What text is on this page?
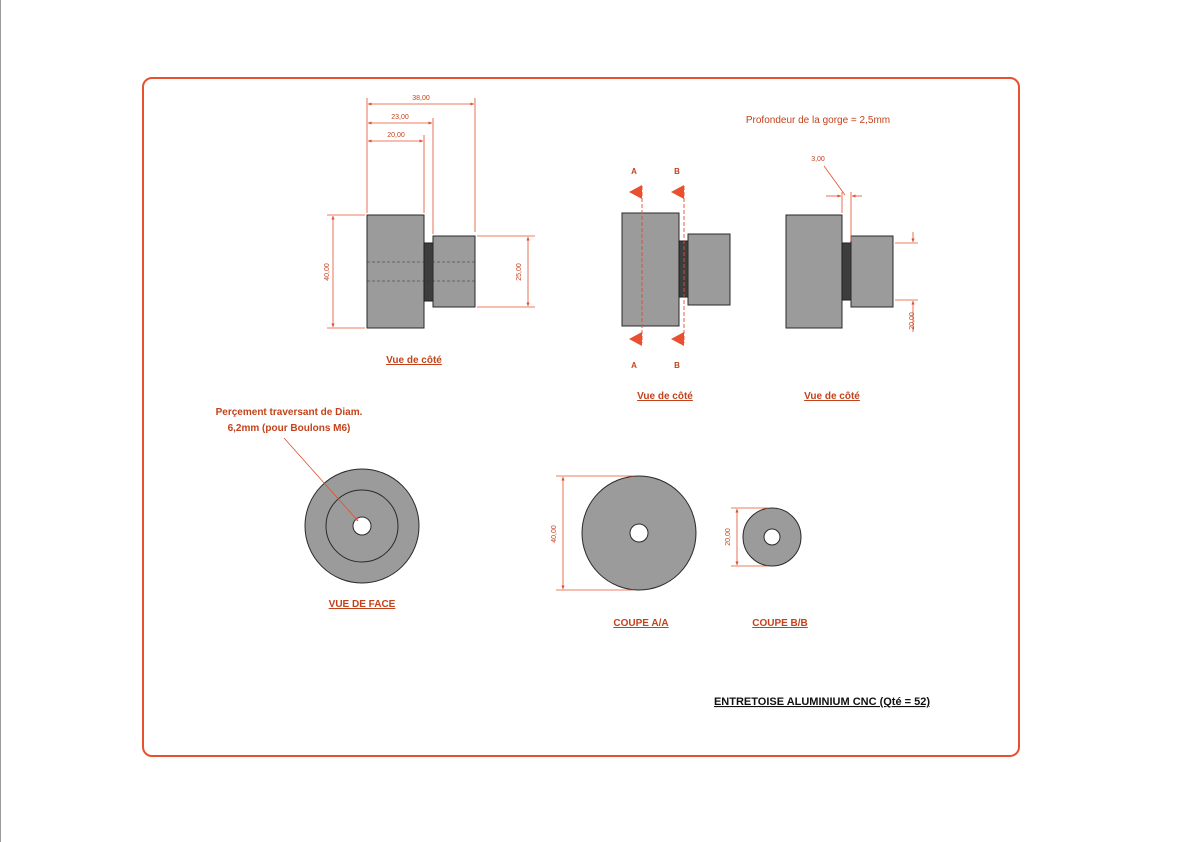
38,00
23,00
20,00
40,00	25,00
Vue de côté
A
A
B
B
Vue de côté
Profondeur de la gorge = 2,5mm
3,00
20,00
Vue de côté
Perçement traversant de Diam.
6,2mm (pour Boulons M6)
VUE DE FACE
40,00
COUPE A/A
20,00
COUPE B/B
ENTRETOISE ALUMINIUM CNC (Qté = 52)
